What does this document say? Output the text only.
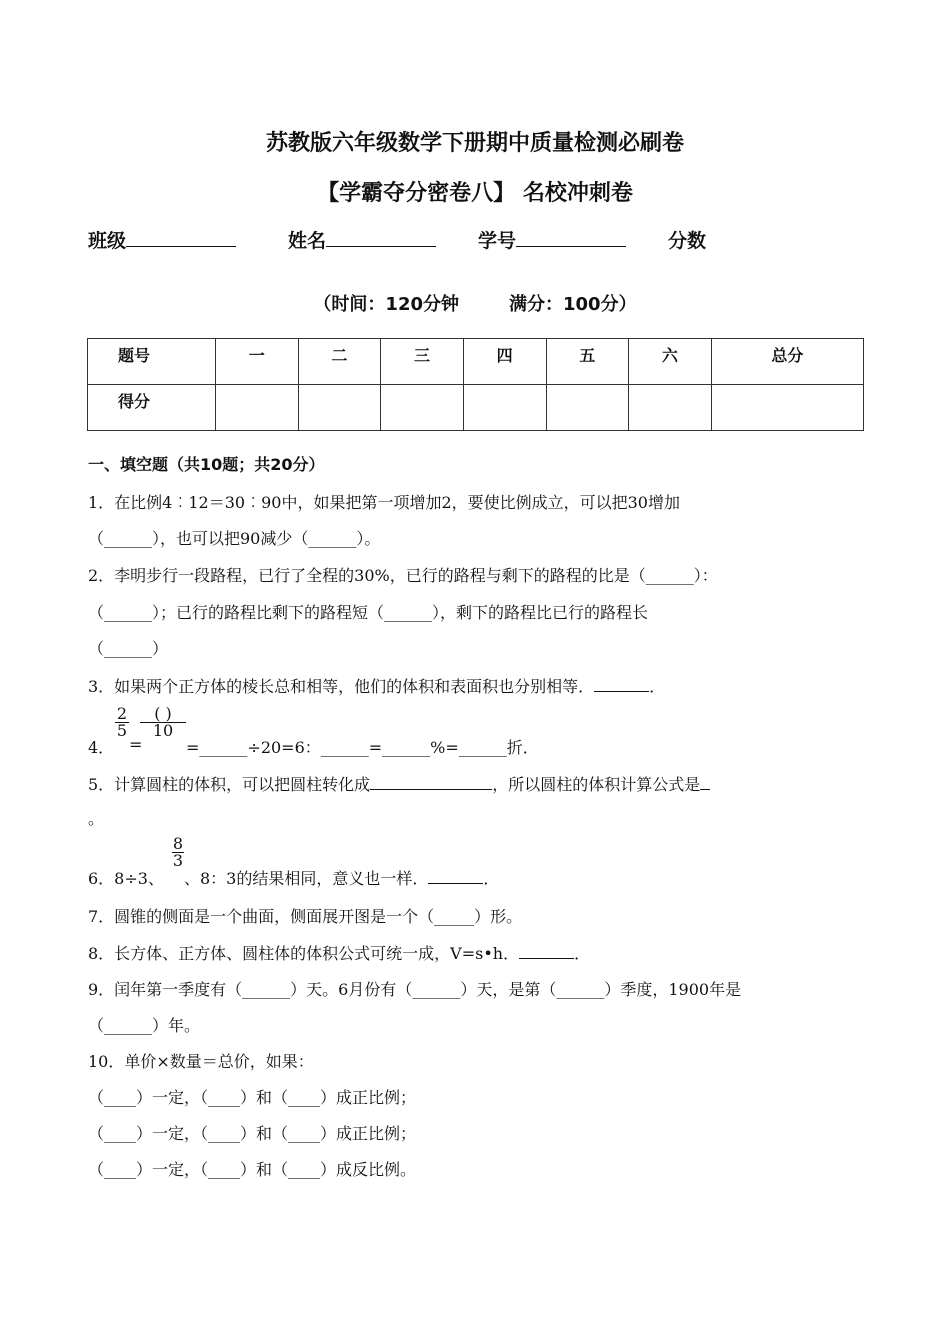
苏教版六年级数学下册期中质量检测必刷卷
【学霸夺分密卷八】 名校冲刺卷
班级	姓名	学号	分数
（时间：120分钟	满分：100分）
题号	一	二	三	四	五	六	总分
得分							
一、填空题（共10题；共20分）
1．在比例4︰12＝30︰90中，如果把第一项增加2，要使比例成立，可以把30增加
（______），也可以把90减少（______）。
2．李明步行一段路程，已行了全程的30%，已行的路程与剩下的路程的比是（______）：
（______）；已行的路程比剩下的路程短（______），剩下的路程比已行的路程长
（______）
3．如果两个正方体的棱长总和相等，他们的体积和表面积也分别相等．	．
$\frac{2}{5}$	( )
10
4． =	=______÷20=6：______=______%=______折．
5．计算圆柱的体积，可以把圆柱转化成	，所以圆柱的体积计算公式是
。
$\frac{8}{3}$
6．8÷3、 、8：3的结果相同，意义也一样．	．
7．圆锥的侧面是一个曲面，侧面展开图是一个（_____）形。
8．长方体、正方体、圆柱体的体积公式可统一成，V=s•h．	．
9．闰年第一季度有（______）天。6月份有（______）天，是第（______）季度，1900年是
（______）年。
10．单价×数量＝总价，如果：
（____）一定，（____）和（____）成正比例；
（____）一定，（____）和（____）成正比例；
（____）一定，（____）和（____）成反比例。
